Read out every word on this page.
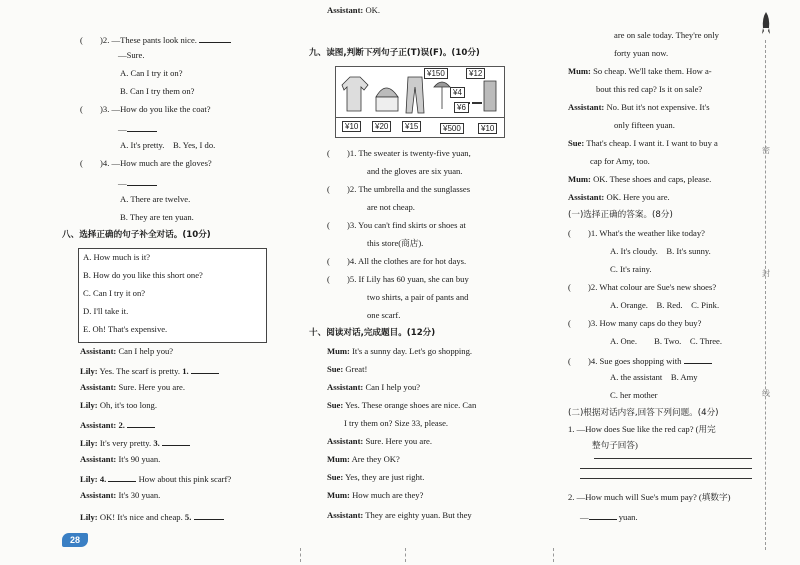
(　　)2. —These pants look nice.
—Sure.
A. Can I try it on?
B. Can I try them on?
(　　)3. —How do you like the coat?
—
A. It's pretty.　B. Yes, I do.
(　　)4. —How much are the gloves?
—
A. There are twelve.
B. They are ten yuan.
八、选择正确的句子补全对话。(10分)
A. How much is it?
B. How do you like this short one?
C. Can I try it on?
D. I'll take it.
E. Oh! That's expensive.
Assistant: Can I help you?
Lily: Yes. The scarf is pretty. 1.
Assistant: Sure. Here you are.
Lily: Oh, it's too long.
Assistant: 2.
Lily: It's very pretty. 3.
Assistant: It's 90 yuan.
Lily: 4.	How about this pink scarf?
Assistant: It's 30 yuan.
Lily: OK! It's nice and cheap. 5.
28
Assistant: OK.
九、读图,判断下列句子正(T)误(F)。(10分)
¥150	¥12
¥4
¥6
¥10	¥20	¥15	¥500	¥10
(　　)1. The sweater is twenty-five yuan,
and the gloves are six yuan.
(　　)2. The umbrella and the sunglasses
are not cheap.
(　　)3. You can't find skirts or shoes at
this store(商店).
(　　)4. All the clothes are for hot days.
(　　)5. If Lily has 60 yuan, she can buy
two shirts, a pair of pants and
one scarf.
十、阅读对话,完成题目。(12分)
Mum: It's a sunny day. Let's go shopping.
Sue: Great!
Assistant: Can I help you?
Sue: Yes. These orange shoes are nice. Can
I try them on? Size 33, please.
Assistant: Sure. Here you are.
Mum: Are they OK?
Sue: Yes, they are just right.
Mum: How much are they?
Assistant: They are eighty yuan. But they
are on sale today. They're only
forty yuan now.
Mum: So cheap. We'll take them. How a-
bout this red cap? Is it on sale?
Assistant: No. But it's not expensive. It's
only fifteen yuan.
Sue: That's cheap. I want it. I want to buy a
cap for Amy, too.
Mum: OK. These shoes and caps, please.
Assistant: OK. Here you are.
(一)选择正确的答案。(8分)
(　　)1. What's the weather like today?
A. It's cloudy.　B. It's sunny.
C. It's rainy.
(　　)2. What colour are Sue's new shoes?
A. Orange.　B. Red.　C. Pink.
(　　)3. How many caps do they buy?
A. One.　　B. Two.　C. Three.
(　　)4. Sue goes shopping with
A. the assistant　B. Amy
C. her mother
(二)根据对话内容,回答下列问题。(4分)
1. —How does Sue like the red cap? (用完
整句子回答)
2. —How much will Sue's mum pay? (填数字)
—	yuan.
密
封
线
